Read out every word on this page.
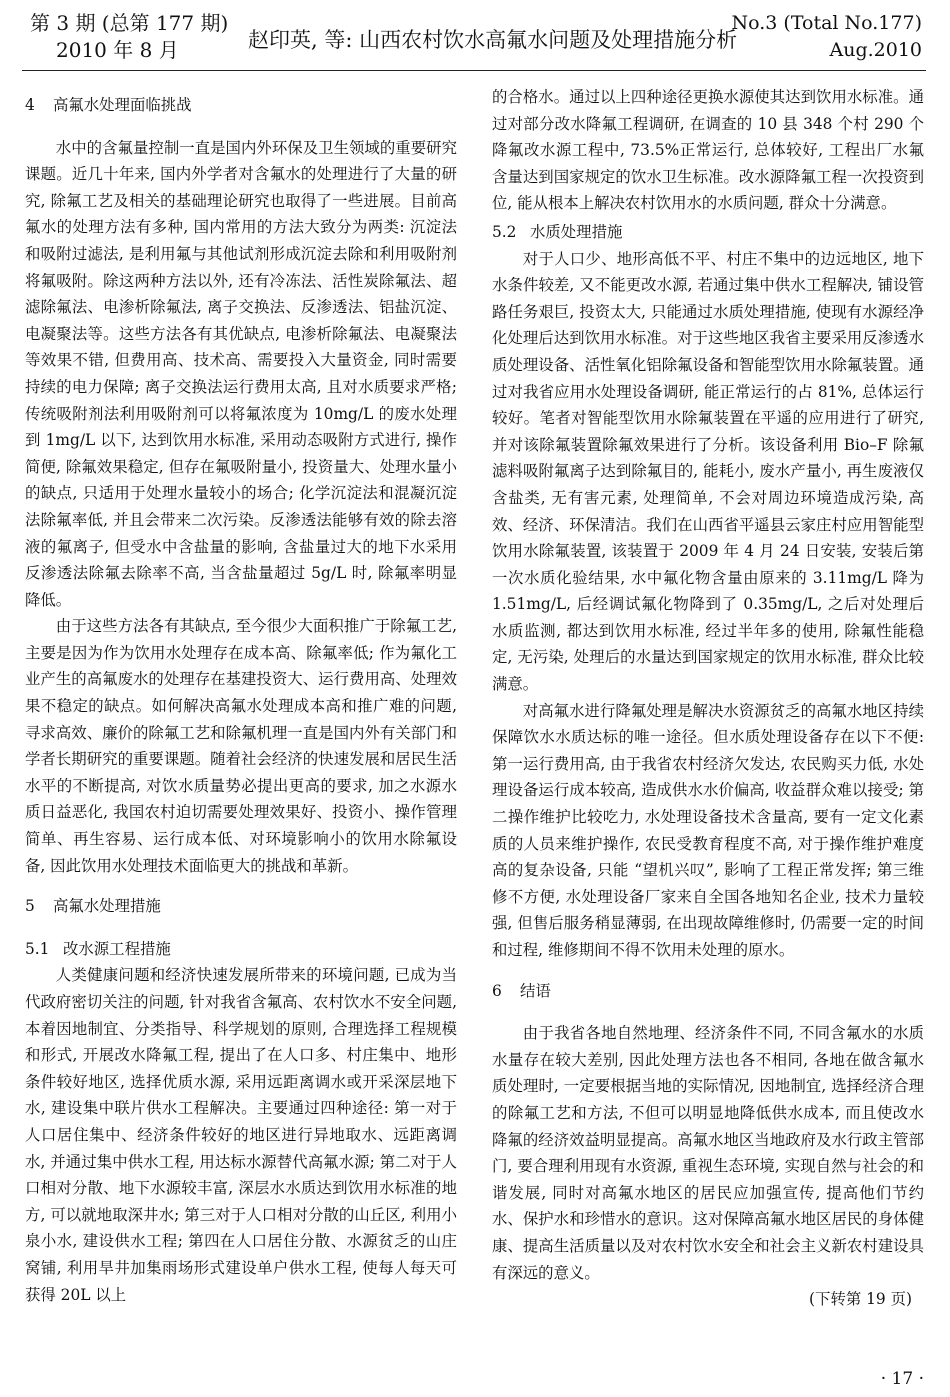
第 3 期 (总第 177 期)
2010 年 8 月	赵印英, 等: 山西农村饮水高氟水问题及处理措施分析
No.3 (Total No.177)
Aug.2010
4 高氟水处理面临挑战

水中的含氟量控制一直是国内外环保及卫生领域的重要研究课题。近几十年来, 国内外学者对含氟水的处理进行了大量的研究, 除氟工艺及相关的基础理论研究也取得了一些进展。目前高氟水的处理方法有多种, 国内常用的方法大致分为两类: 沉淀法和吸附过滤法, 是利用氟与其他试剂形成沉淀去除和利用吸附剂将氟吸附。除这两种方法以外, 还有冷冻法、活性炭除氟法、超滤除氟法、电渗析除氟法, 离子交换法、反渗透法、铝盐沉淀、电凝聚法等。这些方法各有其优缺点, 电渗析除氟法、电凝聚法等效果不错, 但费用高、技术高、需要投入大量资金, 同时需要持续的电力保障; 离子交换法运行费用太高, 且对水质要求严格; 传统吸附剂法利用吸附剂可以将氟浓度为 10mg/L 的废水处理到 1mg/L 以下, 达到饮用水标准, 采用动态吸附方式进行, 操作简便, 除氟效果稳定, 但存在氟吸附量小, 投资量大、处理水量小的缺点, 只适用于处理水量较小的场合; 化学沉淀法和混凝沉淀法除氟率低, 并且会带来二次污染。反渗透法能够有效的除去溶液的氟离子, 但受水中含盐量的影响, 含盐量过大的地下水采用反渗透法除氟去除率不高, 当含盐量超过 5g/L 时, 除氟率明显降低。

由于这些方法各有其缺点, 至今很少大面积推广于除氟工艺, 主要是因为作为饮用水处理存在成本高、除氟率低; 作为氟化工业产生的高氟废水的处理存在基建投资大、运行费用高、处理效果不稳定的缺点。如何解决高氟水处理成本高和推广难的问题, 寻求高效、廉价的除氟工艺和除氟机理一直是国内外有关部门和学者长期研究的重要课题。随着社会经济的快速发展和居民生活水平的不断提高, 对饮水质量势必提出更高的要求, 加之水源水质日益恶化, 我国农村迫切需要处理效果好、投资小、操作管理简单、再生容易、运行成本低、对环境影响小的饮用水除氟设备, 因此饮用水处理技术面临更大的挑战和革新。

5 高氟水处理措施
5.1 改水源工程措施

人类健康问题和经济快速发展所带来的环境问题, 已成为当代政府密切关注的问题, 针对我省含氟高、农村饮水不安全问题, 本着因地制宜、分类指导、科学规划的原则, 合理选择工程规模和形式, 开展改水降氟工程, 提出了在人口多、村庄集中、地形条件较好地区, 选择优质水源, 采用远距离调水或开采深层地下水, 建设集中联片供水工程解决。主要通过四种途径: 第一对于人口居住集中、经济条件较好的地区进行异地取水、远距离调水, 并通过集中供水工程, 用达标水源替代高氟水源; 第二对于人口相对分散、地下水源较丰富, 深层水水质达到饮用水标准的地方, 可以就地取深井水; 第三对于人口相对分散的山丘区, 利用小泉小水, 建设供水工程; 第四在人口居住分散、水源贫乏的山庄窝铺, 利用旱井加集雨场形式建设单户供水工程, 使每人每天可获得 20L 以上

的合格水。通过以上四种途径更换水源使其达到饮用水标准。通过对部分改水降氟工程调研, 在调查的 10 县 348 个村 290 个降氟改水源工程中, 73.5%正常运行, 总体较好, 工程出厂水氟含量达到国家规定的饮水卫生标准。改水源降氟工程一次投资到位, 能从根本上解决农村饮用水的水质问题, 群众十分满意。

5.2 水质处理措施

对于人口少、地形高低不平、村庄不集中的边远地区, 地下水条件较差, 又不能更改水源, 若通过集中供水工程解决, 铺设管路任务艰巨, 投资太大, 只能通过水质处理措施, 使现有水源经净化处理后达到饮用水标准。对于这些地区我省主要采用反渗透水质处理设备、活性氧化铝除氟设备和智能型饮用水除氟装置。通过对我省应用水处理设备调研, 能正常运行的占 81%, 总体运行较好。笔者对智能型饮用水除氟装置在平遥的应用进行了研究, 并对该除氟装置除氟效果进行了分析。该设备利用 Bio–F 除氟滤料吸附氟离子达到除氟目的, 能耗小, 废水产量小, 再生废液仅含盐类, 无有害元素, 处理简单, 不会对周边环境造成污染, 高效、经济、环保清洁。我们在山西省平遥县云家庄村应用智能型饮用水除氟装置, 该装置于 2009 年 4 月 24 日安装, 安装后第一次水质化验结果, 水中氟化物含量由原来的 3.11mg/L 降为 1.51mg/L, 后经调试氟化物降到了 0.35mg/L, 之后对处理后水质监测, 都达到饮用水标准, 经过半年多的使用, 除氟性能稳定, 无污染, 处理后的水量达到国家规定的饮用水标准, 群众比较满意。

对高氟水进行降氟处理是解决水资源贫乏的高氟水地区持续保障饮水水质达标的唯一途径。但水质处理设备存在以下不便: 第一运行费用高, 由于我省农村经济欠发达, 农民购买力低, 水处理设备运行成本较高, 造成供水水价偏高, 收益群众难以接受; 第二操作维护比较吃力, 水处理设备技术含量高, 要有一定文化素质的人员来维护操作, 农民受教育程度不高, 对于操作维护难度高的复杂设备, 只能 “望机兴叹”, 影响了工程正常发挥; 第三维修不方便, 水处理设备厂家来自全国各地知名企业, 技术力量较强, 但售后服务稍显薄弱, 在出现故障维修时, 仍需要一定的时间和过程, 维修期间不得不饮用未处理的原水。

6 结语

由于我省各地自然地理、经济条件不同, 不同含氟水的水质水量存在较大差别, 因此处理方法也各不相同, 各地在做含氟水质处理时, 一定要根据当地的实际情况, 因地制宜, 选择经济合理的除氟工艺和方法, 不但可以明显地降低供水成本, 而且使改水降氟的经济效益明显提高。高氟水地区当地政府及水行政主管部门, 要合理利用现有水资源, 重视生态环境, 实现自然与社会的和谐发展, 同时对高氟水地区的居民应加强宣传, 提高他们节约水、保护水和珍惜水的意识。这对保障高氟水地区居民的身体健康、提高生活质量以及对农村饮水安全和社会主义新农村建设具有深远的意义。

(下转第 19 页)
· 17 ·
